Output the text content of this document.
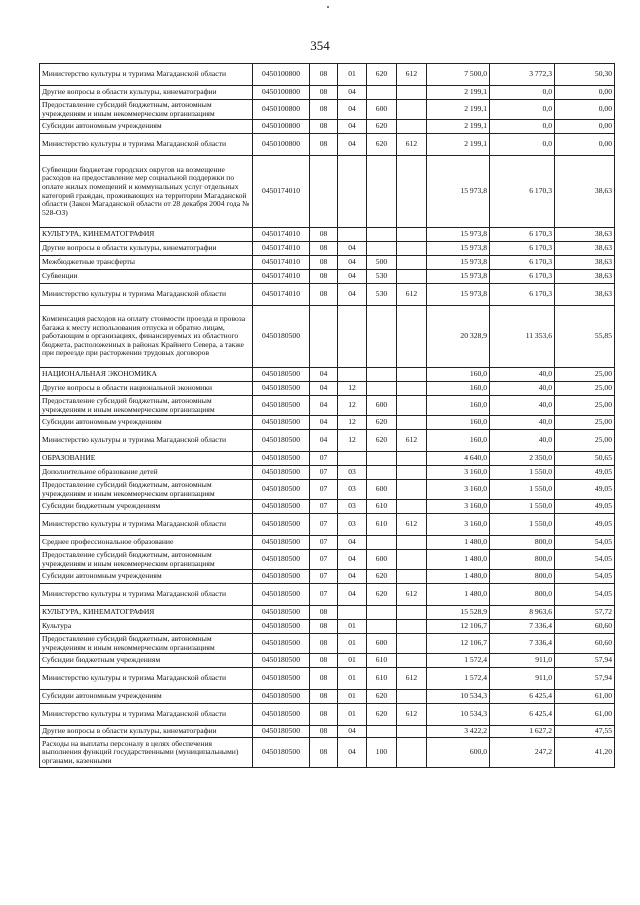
354
Министерство культуры и туризма Магаданской области	0450100800	08	01	620	612	7 500,0	3 772,3	50,30
Другие вопросы в области культуры, кинематографии	0450100800	08	04			2 199,1	0,0	0,00
Предоставление субсидий бюджетным, автономным учреждениям и иным некоммерческим организациям	0450100800	08	04	600		2 199,1	0,0	0,00
Субсидии автономным учреждениям	0450100800	08	04	620		2 199,1	0,0	0,00
Министерство культуры и туризма Магаданской области	0450100800	08	04	620	612	2 199,1	0,0	0,00
Субвенции бюджетам городских округов на возмещение расходов на предоставление мер социальной поддержки по оплате жилых помещений и коммунальных услуг отдельных категорий граждан, проживающих на территории Магаданской области (Закон Магаданской области от 28 декабря 2004 года № 528-ОЗ)	0450174010					15 973,8	6 170,3	38,63
КУЛЬТУРА, КИНЕМАТОГРАФИЯ	0450174010	08				15 973,8	6 170,3	38,63
Другие вопросы в области культуры, кинематографии	0450174010	08	04			15 973,8	6 170,3	38,63
Межбюджетные трансферты	0450174010	08	04	500		15 973,8	6 170,3	38,63
Субвенции	0450174010	08	04	530		15 973,8	6 170,3	38,63
Министерство культуры и туризма Магаданской области	0450174010	08	04	530	612	15 973,8	6 170,3	38,63
Компенсация расходов на оплату стоимости проезда и провоза багажа к месту использования отпуска и обратно лицам, работающим в организациях, финансируемых из областного бюджета, расположенных в районах Крайнего Севера, а также при переезде при расторжении трудовых договоров	0450180500					20 328,9	11 353,6	55,85
НАЦИОНАЛЬНАЯ ЭКОНОМИКА	0450180500	04				160,0	40,0	25,00
Другие вопросы в области национальной экономики	0450180500	04	12			160,0	40,0	25,00
Предоставление субсидий бюджетным, автономным учреждениям и иным некоммерческим организациям	0450180500	04	12	600		160,0	40,0	25,00
Субсидии автономным учреждениям	0450180500	04	12	620		160,0	40,0	25,00
Министерство культуры и туризма Магаданской области	0450180500	04	12	620	612	160,0	40,0	25,00
ОБРАЗОВАНИЕ	0450180500	07				4 640,0	2 350,0	50,65
Дополнительное образование детей	0450180500	07	03			3 160,0	1 550,0	49,05
Предоставление субсидий бюджетным, автономным учреждениям и иным некоммерческим организациям	0450180500	07	03	600		3 160,0	1 550,0	49,05
Субсидии бюджетным учреждениям	0450180500	07	03	610		3 160,0	1 550,0	49,05
Министерство культуры и туризма Магаданской области	0450180500	07	03	610	612	3 160,0	1 550,0	49,05
Среднее профессиональное образование	0450180500	07	04			1 480,0	800,0	54,05
Предоставление субсидий бюджетным, автономным учреждениям и иным некоммерческим организациям	0450180500	07	04	600		1 480,0	800,0	54,05
Субсидии автономным учреждениям	0450180500	07	04	620		1 480,0	800,0	54,05
Министерство культуры и туризма Магаданской области	0450180500	07	04	620	612	1 480,0	800,0	54,05
КУЛЬТУРА, КИНЕМАТОГРАФИЯ	0450180500	08				15 528,9	8 963,6	57,72
Культура	0450180500	08	01			12 106,7	7 336,4	60,60
Предоставление субсидий бюджетным, автономным учреждениям и иным некоммерческим организациям	0450180500	08	01	600		12 106,7	7 336,4	60,60
Субсидии бюджетным учреждениям	0450180500	08	01	610		1 572,4	911,0	57,94
Министерство культуры и туризма Магаданской области	0450180500	08	01	610	612	1 572,4	911,0	57,94
Субсидии автономным учреждениям	0450180500	08	01	620		10 534,3	6 425,4	61,00
Министерство культуры и туризма Магаданской области	0450180500	08	01	620	612	10 534,3	6 425,4	61,00
Другие вопросы в области культуры, кинематографии	0450180500	08	04			3 422,2	1 627,2	47,55
Расходы на выплаты персоналу в целях обеспечения выполнения функций государственными (муниципальными) органами, казенными	0450180500	08	04	100		600,0	247,2	41,20
